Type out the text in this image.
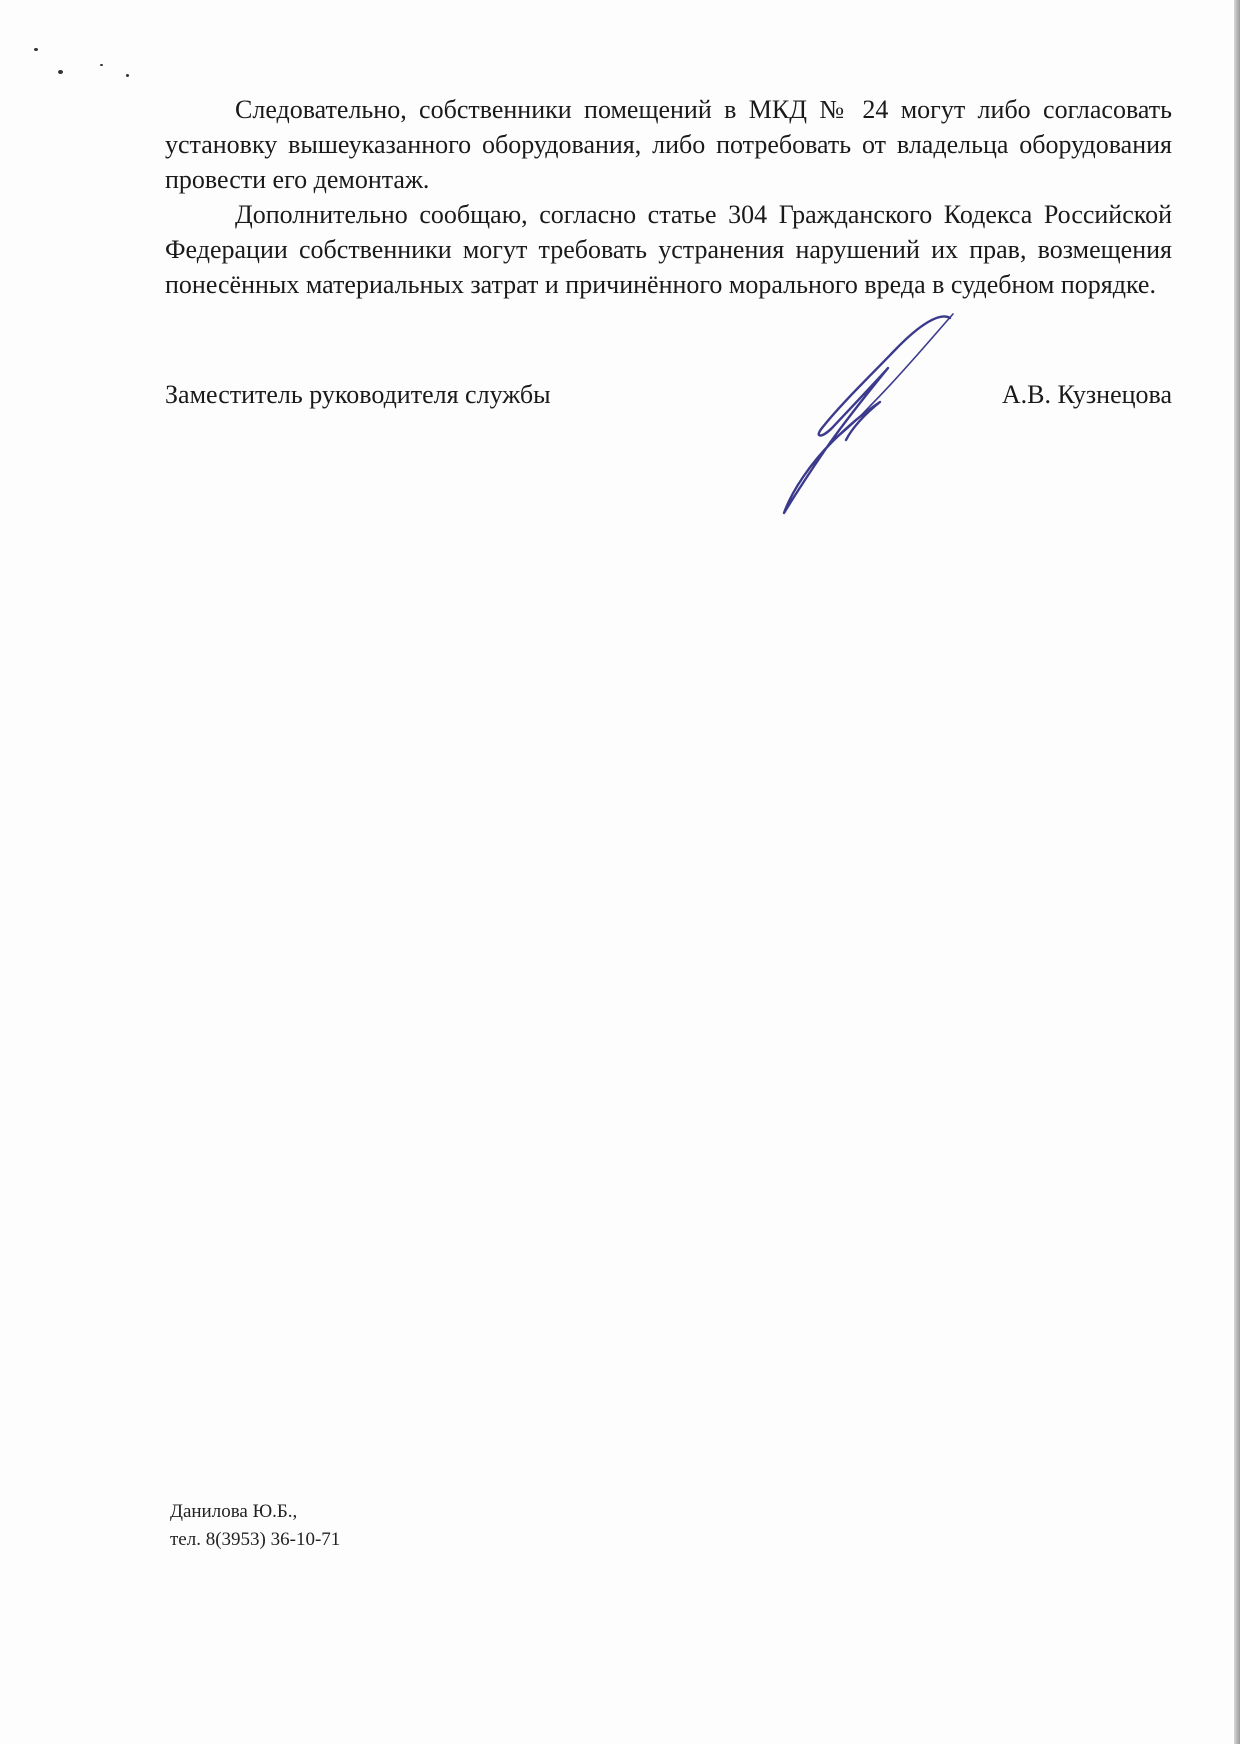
Следовательно, собственники помещений в МКД № 24 могут либо согласовать установку вышеуказанного оборудования, либо потребовать от владельца оборудования провести его демонтаж.

Дополнительно сообщаю, согласно статье 304 Гражданского Кодекса Российской Федерации собственники могут требовать устранения нарушений их прав, возмещения понесённых материальных затрат и причинённого морального вреда в судебном порядке.

Заместитель руководителя службы	А.В. Кузнецова
Данилова Ю.Б.,
тел. 8(3953) 36-10-71
